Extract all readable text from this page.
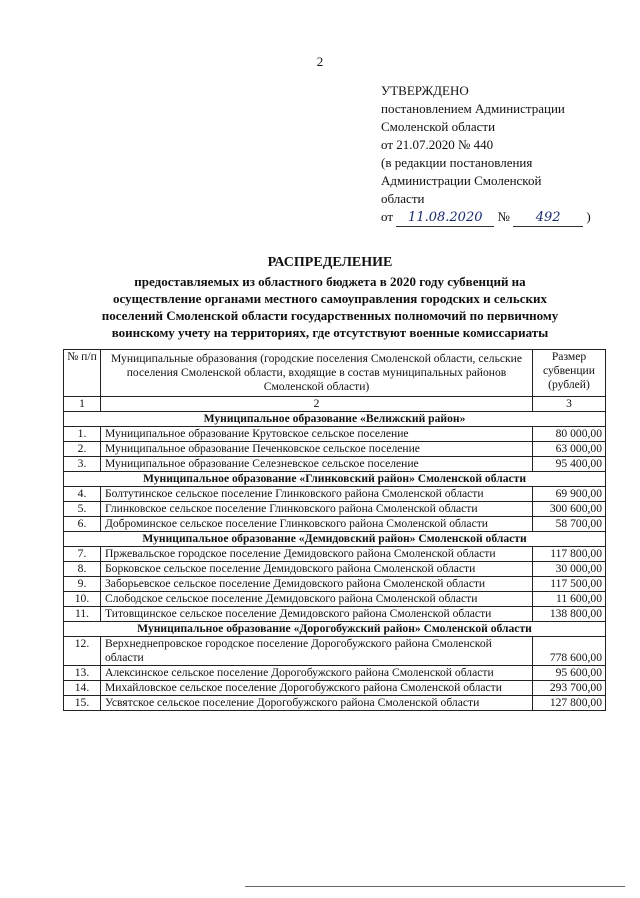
2
УТВЕРЖДЕНО
постановлением Администрации
Смоленской области
от 21.07.2020 № 440
(в редакции постановления
Администрации Смоленской
области
от 11.08.2020 № 492 )
РАСПРЕДЕЛЕНИЕ
предоставляемых из областного бюджета в 2020 году субвенций на
осуществление органами местного самоуправления городских и сельских
поселений Смоленской области государственных полномочий по первичному
воинскому учету на территориях, где отсутствуют военные комиссариаты
№ п/п	Муниципальные образования (городские поселения Смоленской области, сельские поселения Смоленской области, входящие в состав муниципальных районов Смоленской области)	Размер субвенции (рублей)
1	2	3
Муниципальное образование «Велижский район»		
1.	Муниципальное образование Крутовское сельское поселение	80 000,00
2.	Муниципальное образование Печенковское сельское поселение	63 000,00
3.	Муниципальное образование Селезневское сельское поселение	95 400,00
Муниципальное образование «Глинковский район» Смоленской области		
4.	Болтутинское сельское поселение Глинковского района Смоленской области	69 900,00
5.	Глинковское сельское поселение Глинковского района Смоленской области	300 600,00
6.	Доброминское сельское поселение Глинковского района Смоленской области	58 700,00
Муниципальное образование «Демидовский район» Смоленской области		
7.	Пржевальское городское поселение Демидовского района Смоленской области	117 800,00
8.	Борковское сельское поселение Демидовского района Смоленской области	30 000,00
9.	Заборьевское сельское поселение Демидовского района Смоленской области	117 500,00
10.	Слободское сельское поселение Демидовского района Смоленской области	11 600,00
11.	Титовщинское сельское поселение Демидовского района Смоленской области	138 800,00
Муниципальное образование «Дорогобужский район» Смоленской области		
12.	Верхнеднепровское городское поселение Дорогобужского района Смоленской области	778 600,00
13.	Алексинское сельское поселение Дорогобужского района Смоленской области	95 600,00
14.	Михайловское сельское поселение Дорогобужского района Смоленской области	293 700,00
15.	Усвятское сельское поселение Дорогобужского района Смоленской области	127 800,00
